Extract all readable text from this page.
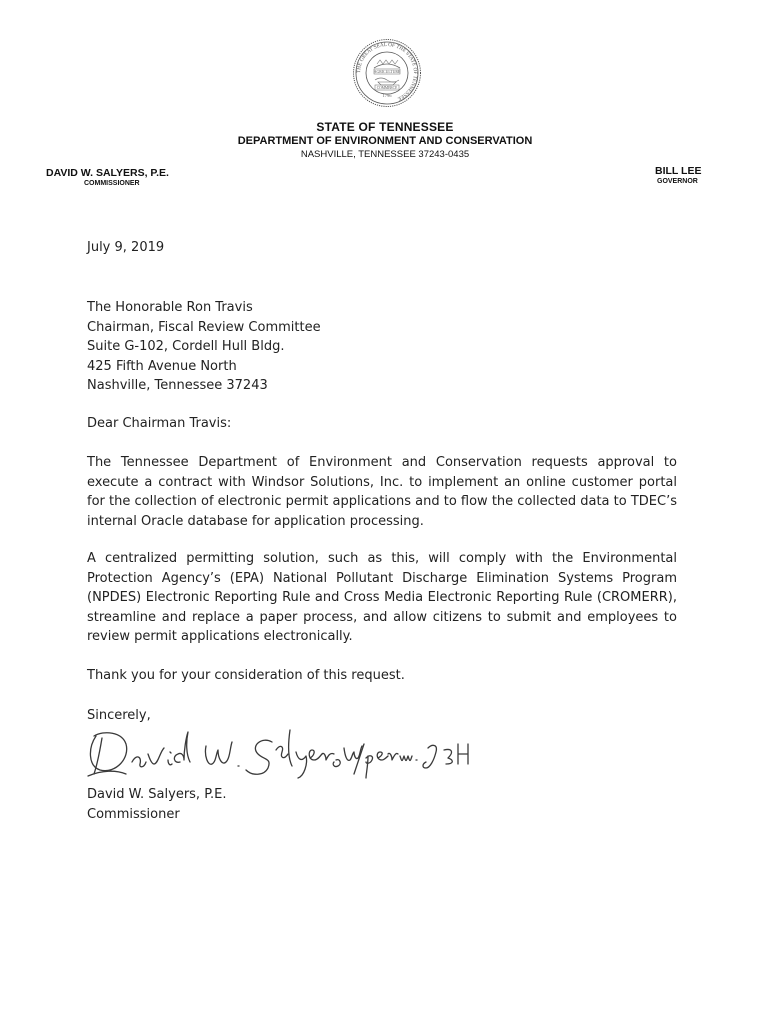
THE GREAT SEAL OF THE STATE OF TENNESSEE
AGRICULTURE
COMMERCE
1796
STATE OF TENNESSEE
DEPARTMENT OF ENVIRONMENT AND CONSERVATION
NASHVILLE, TENNESSEE 37243-0435
DAVID W. SALYERS, P.E.
COMMISSIONER
BILL LEE
GOVERNOR
July 9, 2019
The Honorable Ron Travis
Chairman, Fiscal Review Committee
Suite G-102, Cordell Hull Bldg.
425 Fifth Avenue North
Nashville, Tennessee 37243
Dear Chairman Travis:
The Tennessee Department of Environment and Conservation requests approval to execute a contract with Windsor Solutions, Inc. to implement an online customer portal for the collection of electronic permit applications and to flow the collected data to TDEC’s internal Oracle database for application processing.
A centralized permitting solution, such as this, will comply with the Environmental Protection Agency’s (EPA) National Pollutant Discharge Elimination Systems Program (NPDES) Electronic Reporting Rule and Cross Media Electronic Reporting Rule (CROMERR), streamline and replace a paper process, and allow citizens to submit and employees to review permit applications electronically.
Thank you for your consideration of this request.
Sincerely,
David W. Salyers w/perm. JLH
David W. Salyers, P.E.
Commissioner
